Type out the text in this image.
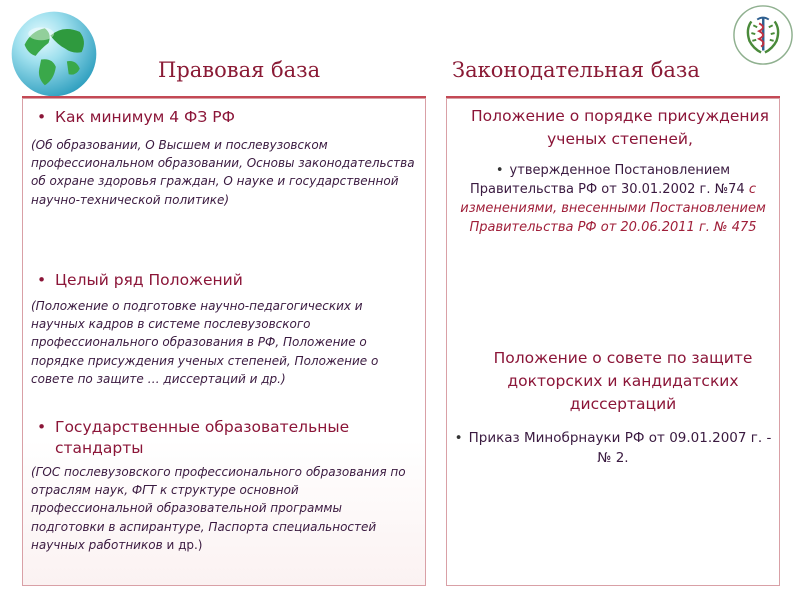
Правовая база	Законодательная база

• Как минимум 4 ФЗ РФ

(Об образовании, О Высшем и послевузовском профессиональном образовании, Основы законодательства об охране здоровья граждан, О науке и государственной научно-технической политике)

• Целый ряд Положений

(Положение о подготовке научно-педагогических и научных кадров в системе послевузовского профессионального образования в РФ, Положение о порядке присуждения ученых степеней, Положение о совете по защите … диссертаций и др.)

• Государственные образовательные стандарты

(ГОС послевузовского профессионального образования по отраслям наук, ФГТ к структуре основной профессиональной образовательной программы подготовки в аспирантуре, Паспорта специальностей научных работников и др.)

Положение о порядке присуждения ученых степеней,

• утвержденное Постановлением Правительства РФ от 30.01.2002 г. №74 с изменениями, внесенными Постановлением Правительства РФ от 20.06.2011 г. № 475

Положение о совете по защите докторских и кандидатских диссертаций

• Приказ Минобрнауки РФ от 09.01.2007 г. - № 2.
